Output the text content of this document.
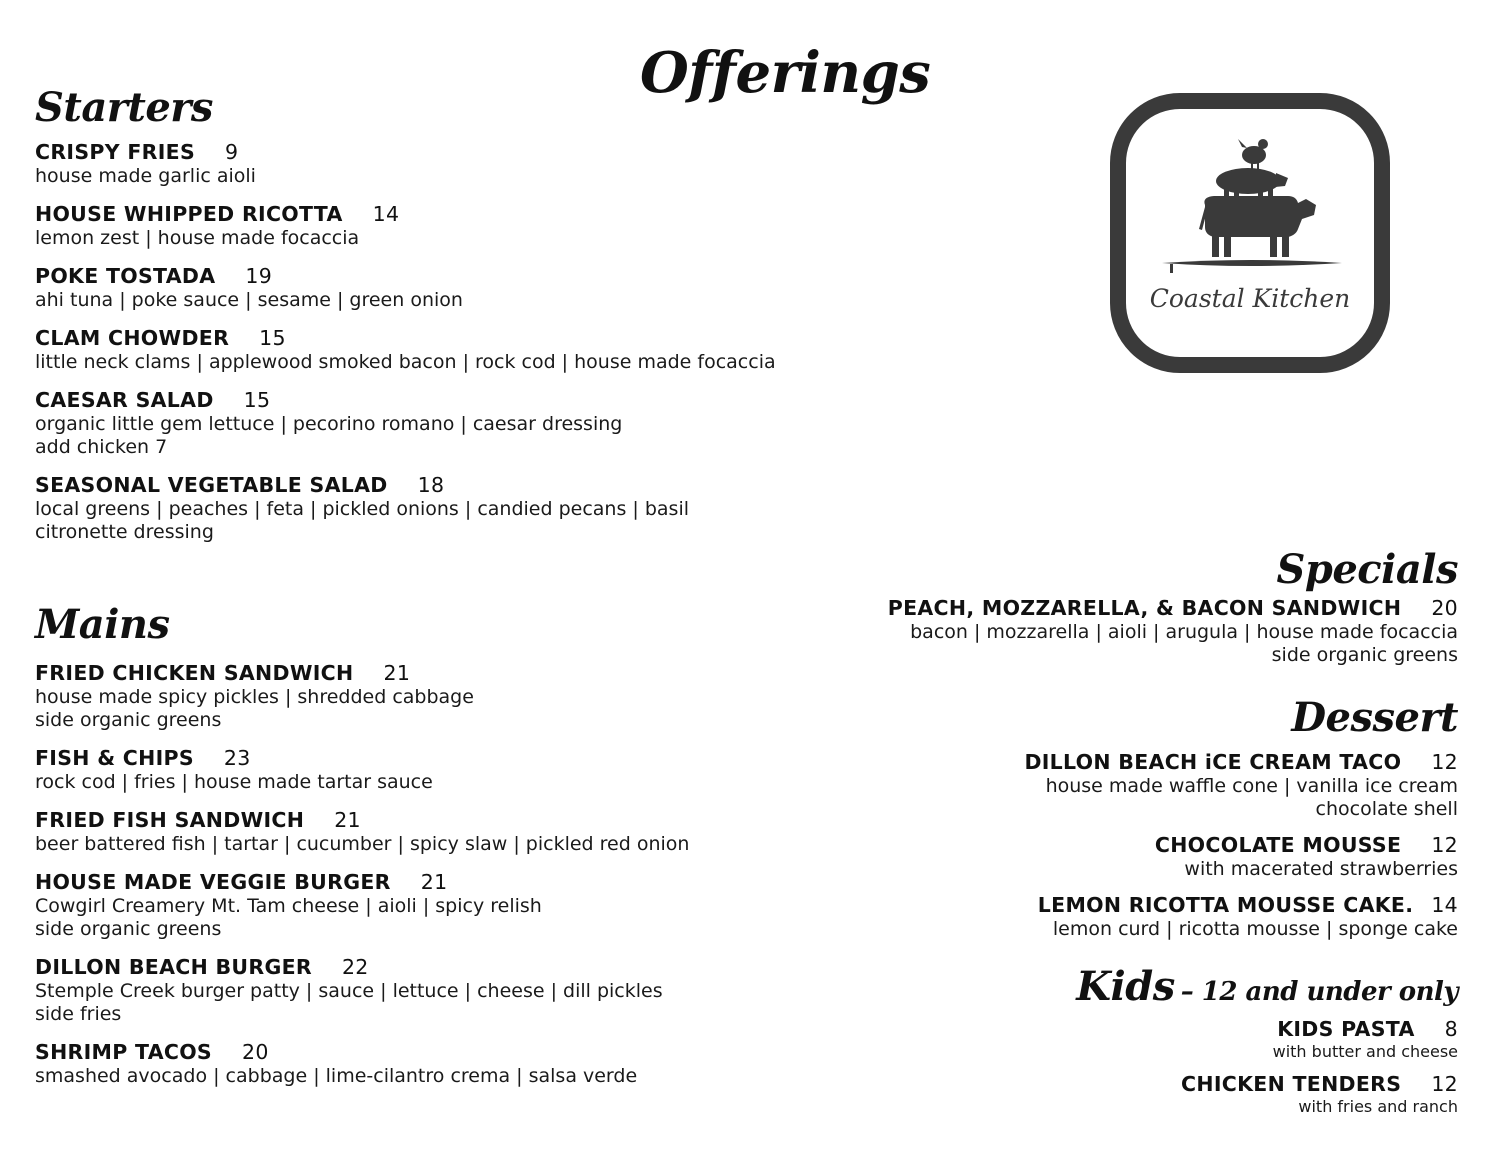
Offerings
Coastal Kitchen
Starters
CRISPY FRIES 9
house made garlic aioli
HOUSE WHIPPED RICOTTA 14
lemon zest | house made focaccia
POKE TOSTADA 19
ahi tuna | poke sauce | sesame | green onion
CLAM CHOWDER 15
little neck clams | applewood smoked bacon | rock cod | house made focaccia
CAESAR SALAD 15
organic little gem lettuce | pecorino romano | caesar dressing
add chicken 7
SEASONAL VEGETABLE SALAD 18
local greens | peaches | feta | pickled onions | candied pecans | basil
citronette dressing
Mains
FRIED CHICKEN SANDWICH 21
house made spicy pickles | shredded cabbage
side organic greens
FISH & CHIPS 23
rock cod | fries | house made tartar sauce
FRIED FISH SANDWICH 21
beer battered fish | tartar | cucumber | spicy slaw | pickled red onion
HOUSE MADE VEGGIE BURGER 21
Cowgirl Creamery Mt. Tam cheese | aioli | spicy relish
side organic greens
DILLON BEACH BURGER 22
Stemple Creek burger patty | sauce | lettuce | cheese | dill pickles
side fries
SHRIMP TACOS 20
smashed avocado | cabbage | lime-cilantro crema | salsa verde
Specials
PEACH, MOZZARELLA, & BACON SANDWICH 20
bacon | mozzarella | aioli | arugula | house made focaccia
side organic greens
Dessert
DILLON BEACH iCE CREAM TACO 12
house made waffle cone | vanilla ice cream
chocolate shell
CHOCOLATE MOUSSE 12
with macerated strawberries
LEMON RICOTTA MOUSSE CAKE. 14
lemon curd | ricotta mousse | sponge cake
Kids – 12 and under only
KIDS PASTA 8
with butter and cheese
CHICKEN TENDERS 12
with fries and ranch
